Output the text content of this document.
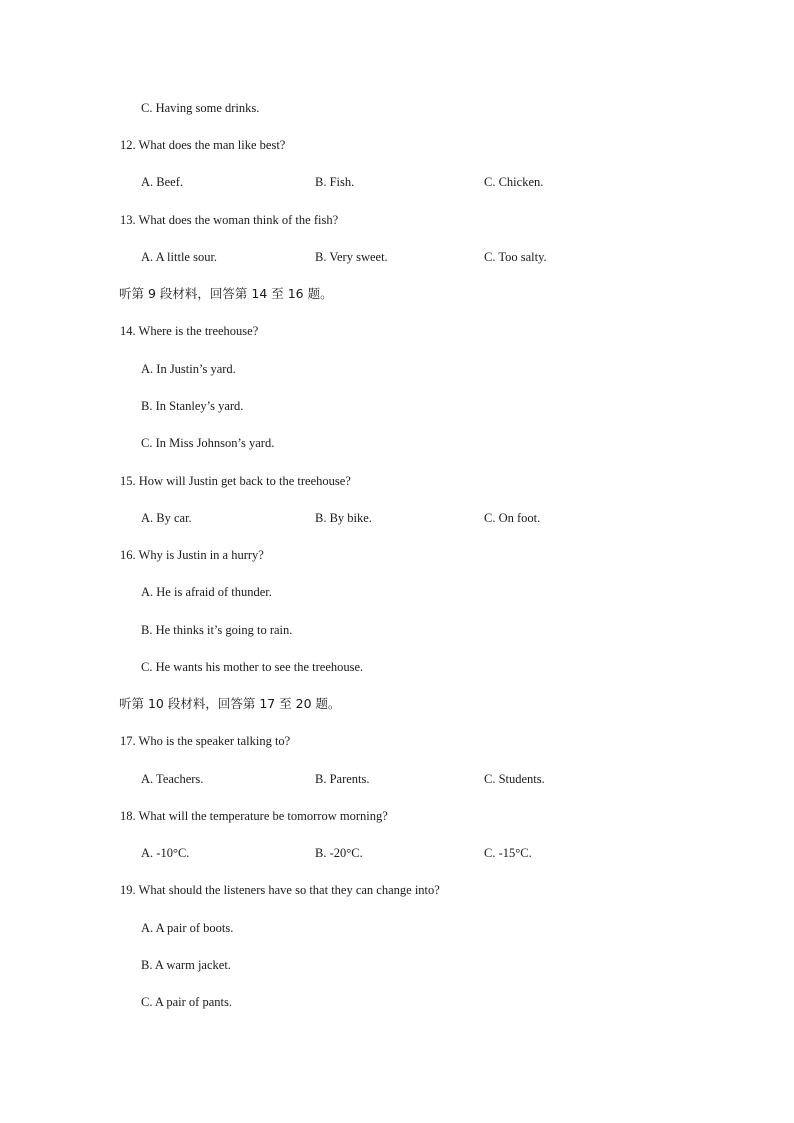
C. Having some drinks.
12. What does the man like best?
A. Beef.	B. Fish.	C. Chicken.
13. What does the woman think of the fish?
A. A little sour.	B. Very sweet.	C. Too salty.
听第 9 段材料，回答第 14 至 16 题。
14. Where is the treehouse?
A. In Justin’s yard.
B. In Stanley’s yard.
C. In Miss Johnson’s yard.
15. How will Justin get back to the treehouse?
A. By car.	B. By bike.	C. On foot.
16. Why is Justin in a hurry?
A. He is afraid of thunder.
B. He thinks it’s going to rain.
C. He wants his mother to see the treehouse.
听第 10 段材料，回答第 17 至 20 题。
17. Who is the speaker talking to?
A. Teachers.	B. Parents.	C. Students.
18. What will the temperature be tomorrow morning?
A. -10°C.	B. -20°C.	C. -15°C.
19. What should the listeners have so that they can change into?
A. A pair of boots.
B. A warm jacket.
C. A pair of pants.
